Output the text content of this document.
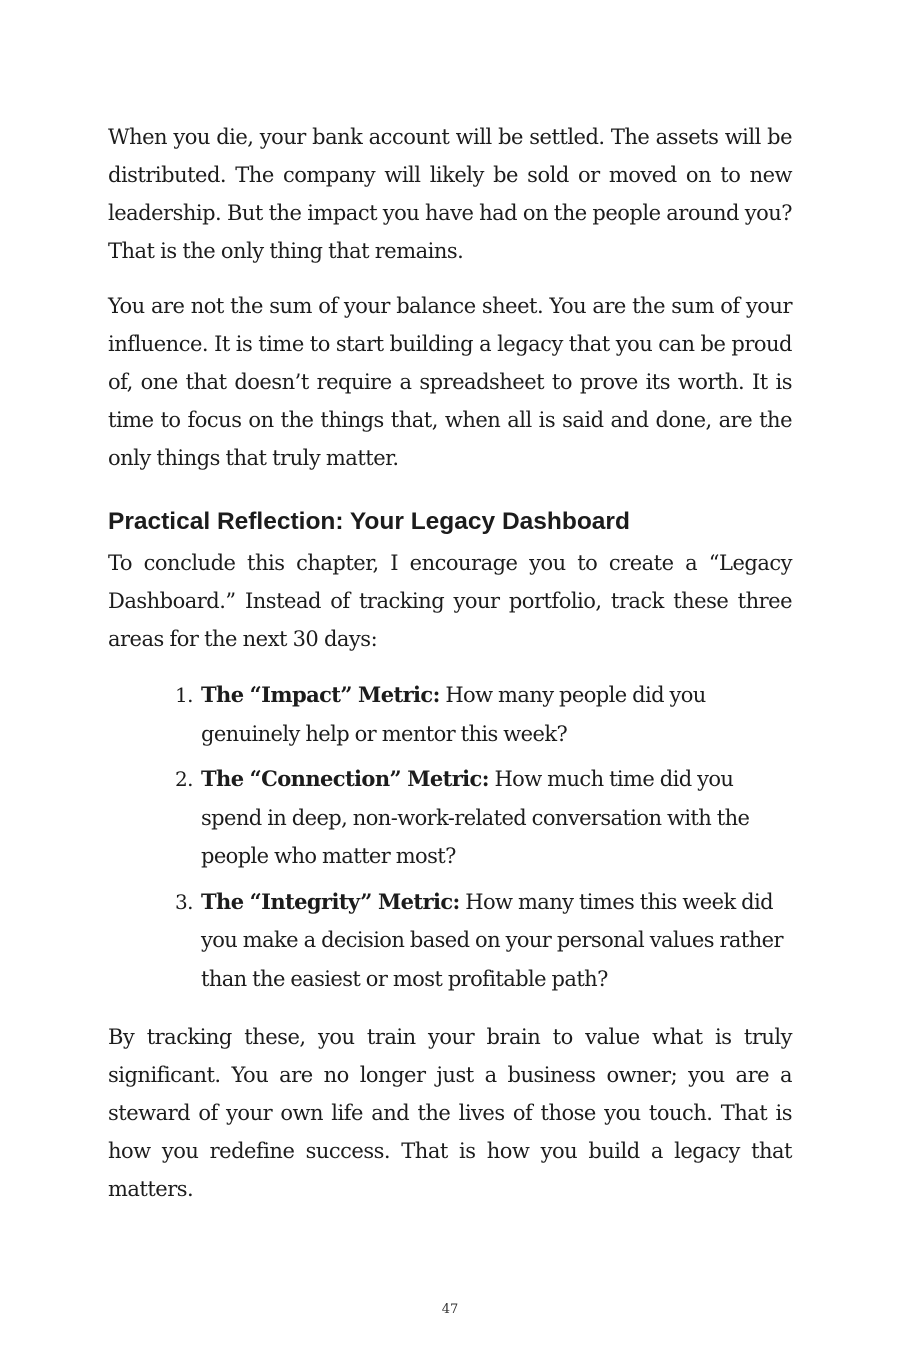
When you die, your bank account will be settled. The assets will be distributed. The company will likely be sold or moved on to new leadership. But the impact you have had on the people around you? That is the only thing that remains.

You are not the sum of your balance sheet. You are the sum of your influence. It is time to start building a legacy that you can be proud of, one that doesn’t require a spreadsheet to prove its worth. It is time to focus on the things that, when all is said and done, are the only things that truly matter.

Practical Reflection: Your Legacy Dashboard

To conclude this chapter, I encourage you to create a “Legacy Dashboard.” Instead of tracking your portfolio, track these three areas for the next 30 days:

1. The “Impact” Metric: How many people did you genuinely help or mentor this week?
2. The “Connection” Metric: How much time did you spend in deep, non-work-related conversation with the people who matter most?
3. The “Integrity” Metric: How many times this week did you make a decision based on your personal values rather than the easiest or most profitable path?

By tracking these, you train your brain to value what is truly significant. You are no longer just a business owner; you are a steward of your own life and the lives of those you touch. That is how you redefine success. That is how you build a legacy that matters.

47
